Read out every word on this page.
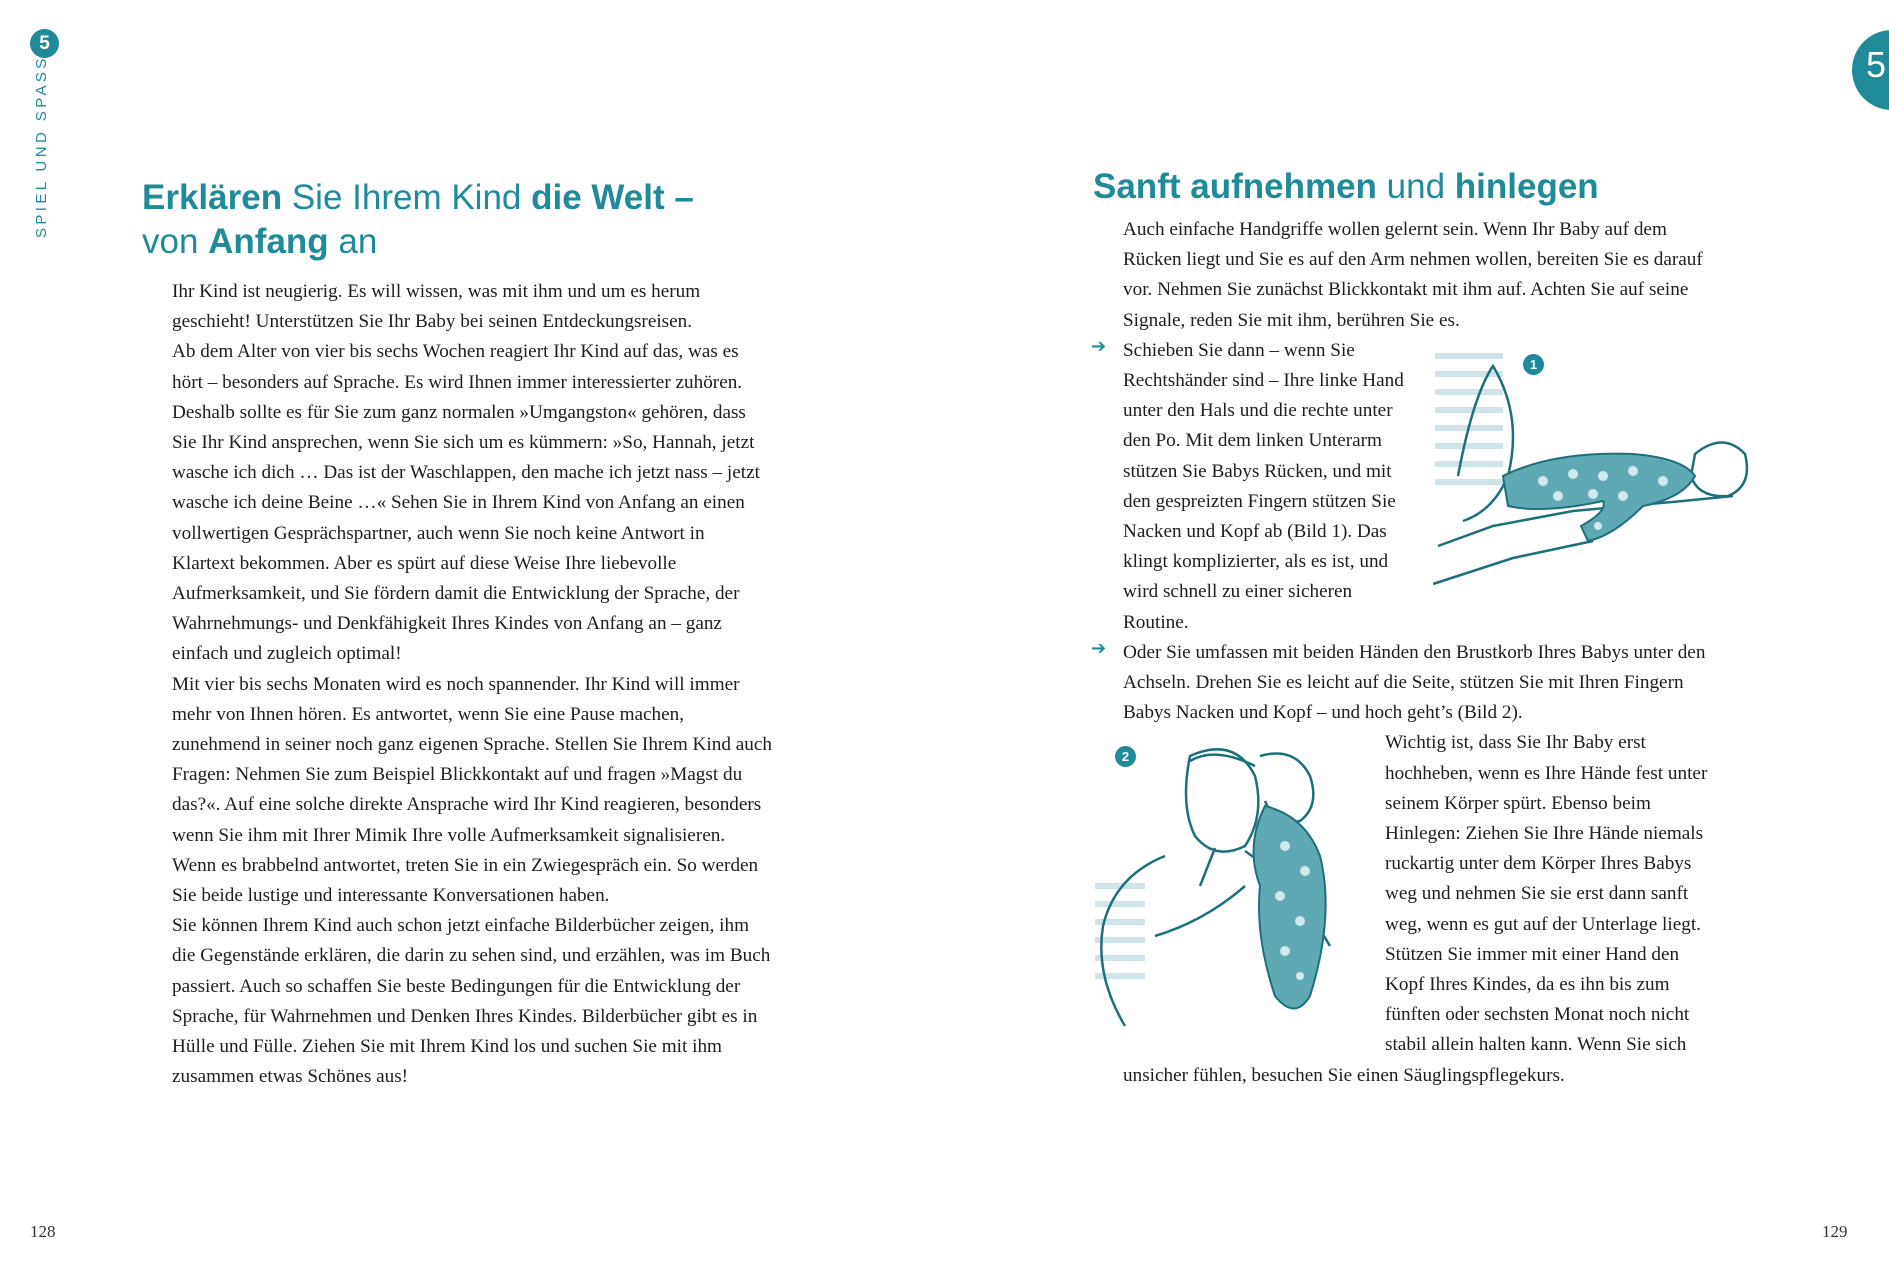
5
SPIEL UND SPASS	Erklären Sie Ihrem Kind die Welt –
von Anfang an

Ihr Kind ist neugierig. Es will wissen, was mit ihm und um es herum geschieht! Unterstützen Sie Ihr Baby bei seinen Entdeckungsreisen.

Ab dem Alter von vier bis sechs Wochen reagiert Ihr Kind auf das, was es hört – besonders auf Sprache. Es wird Ihnen immer interessierter zuhören. Deshalb sollte es für Sie zum ganz normalen »Umgangston« gehören, dass Sie Ihr Kind ansprechen, wenn Sie sich um es kümmern: »So, Hannah, jetzt wasche ich dich … Das ist der Waschlappen, den mache ich jetzt nass – jetzt wasche ich deine Beine …« Sehen Sie in Ihrem Kind von Anfang an einen vollwertigen Gesprächspartner, auch wenn Sie noch keine Antwort in Klartext bekommen. Aber es spürt auf diese Weise Ihre liebevolle Aufmerksamkeit, und Sie fördern damit die Entwicklung der Sprache, der Wahrnehmungs- und Denkfähigkeit Ihres Kindes von Anfang an – ganz einfach und zugleich optimal!

Mit vier bis sechs Monaten wird es noch spannender. Ihr Kind will immer mehr von Ihnen hören. Es antwortet, wenn Sie eine Pause machen, zunehmend in seiner noch ganz eigenen Sprache. Stellen Sie Ihrem Kind auch Fragen: Nehmen Sie zum Beispiel Blickkontakt auf und fragen »Magst du das?«. Auf eine solche direkte Ansprache wird Ihr Kind reagieren, besonders wenn Sie ihm mit Ihrer Mimik Ihre volle Aufmerksamkeit signalisieren. Wenn es brabbelnd antwortet, treten Sie in ein Zwiegespräch ein. So werden Sie beide lustige und interessante Konversationen haben.

Sie können Ihrem Kind auch schon jetzt einfache Bilderbücher zeigen, ihm die Gegenstände erklären, die darin zu sehen sind, und erzählen, was im Buch passiert. Auch so schaffen Sie beste Bedingungen für die Entwicklung der Sprache, für Wahrnehmen und Denken Ihres Kindes. Bilderbücher gibt es in Hülle und Fülle. Ziehen Sie mit Ihrem Kind los und suchen Sie mit ihm zusammen etwas Schönes aus!

128
5
Sanft aufnehmen und hinlegen

Auch einfache Handgriffe wollen gelernt sein. Wenn Ihr Baby auf dem Rücken liegt und Sie es auf den Arm nehmen wollen, bereiten Sie es darauf vor. Nehmen Sie zunächst Blickkontakt mit ihm auf. Achten Sie auf seine Signale, reden Sie mit ihm, berühren Sie es.

1
➔ Schieben Sie dann – wenn Sie Rechtshänder sind – Ihre linke Hand unter den Hals und die rechte unter den Po. Mit dem linken Unterarm stützen Sie Babys Rücken, und mit den gespreizten Fingern stützen Sie Nacken und Kopf ab (Bild 1). Das klingt komplizierter, als es ist, und wird schnell zu einer sicheren Routine.

➔ Oder Sie umfassen mit beiden Händen den Brustkorb Ihres Babys unter den Achseln. Drehen Sie es leicht auf die Seite, stützen Sie mit Ihren Fingern Babys Nacken und Kopf – und hoch geht’s (Bild 2).

2

Wichtig ist, dass Sie Ihr Baby erst hochheben, wenn es Ihre Hände fest unter seinem Körper spürt. Ebenso beim Hinlegen: Ziehen Sie Ihre Hände niemals ruckartig unter dem Körper Ihres Babys weg und nehmen Sie sie erst dann sanft weg, wenn es gut auf der Unterlage liegt. Stützen Sie immer mit einer Hand den Kopf Ihres Kindes, da es ihn bis zum fünften oder sechsten Monat noch nicht stabil allein halten kann. Wenn Sie sich unsicher fühlen, besuchen Sie einen Säuglingspflegekurs.

129
